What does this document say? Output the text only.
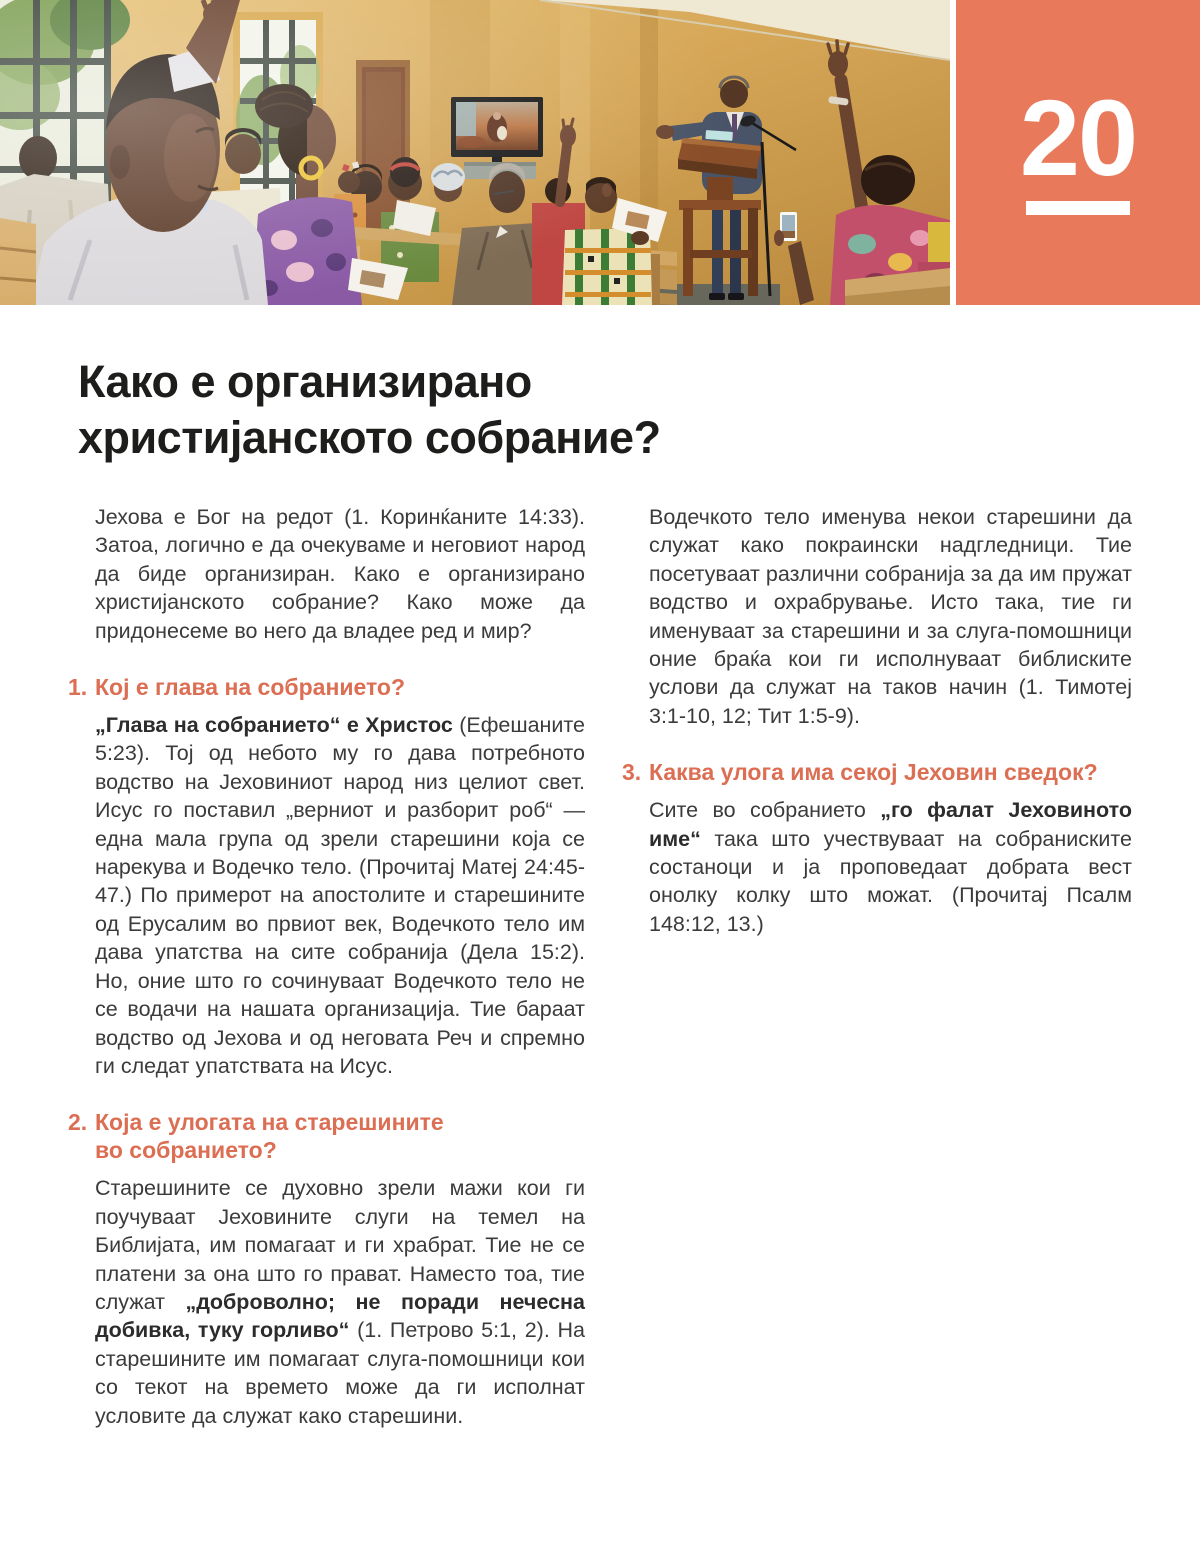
20
Како е организирано
христијанското собрание?

Јехова е Бог на редот (1. Коринќаните 14:33). Затоа, логично е да очекуваме и неговиот народ да биде организиран. Како е организирано христијанското собрание? Како може да придонесеме во него да владее ред и мир?

1. Кој е глава на собранието?

„Глава на собранието“ е Христос (Ефешаните 5:23). Тој од небото му го дава потребното водство на Јеховиниот народ низ целиот свет. Исус го поставил „верниот и разборит роб“ — една мала група од зрели старешини која се нарекува и Водечко тело. (Прочитај Матеј 24:45-47.) По примерот на апостолите и старешините од Ерусалим во првиот век, Водечкото тело им дава упатства на сите собранија (Дела 15:2). Но, оние што го сочинуваат Водечкото тело не се водачи на нашата организација. Тие бараат водство од Јехова и од неговата Реч и спремно ги следат упатствата на Исус.

2. Која е улогата на старешините
во собранието?

Старешините се духовно зрели мажи кои ги поучуваат Јеховините слуги на темел на Библијата, им помагаат и ги храбрат. Тие не се платени за она што го прават. Наместо тоа, тие служат „доброволно; не поради нечесна добивка, туку горливо“ (1. Петрово 5:1, 2). На старешините им помагаат слуга-помошници кои со текот на времето може да ги исполнат условите да служат како старешини.

Водечкото тело именува некои старешини да служат како покраински надгледници. Тие посетуваат различни собранија за да им пружат водство и охрабрување. Исто така, тие ги именуваат за старешини и за слуга-помошници оние браќа кои ги исполнуваат библиските услови да служат на таков начин (1. Тимотеј 3:1-10, 12; Тит 1:5-9).

3. Каква улога има секој Јеховин сведок?

Сите во собранието „го фалат Јеховиното име“ така што учествуваат на собраниските состаноци и ја проповедаат добрата вест онолку колку што можат. (Прочитај Псалм 148:12, 13.)
